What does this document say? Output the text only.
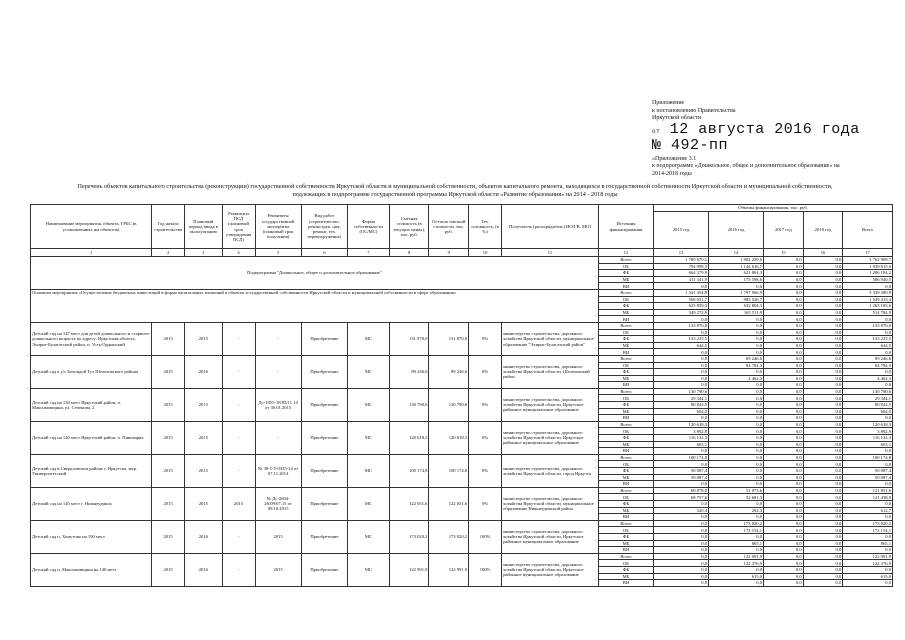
Приложение
к постановлению Правительства
Иркутской области
от 12 августа 2016 года
№ 492-пп
«Приложение 3.1
к подпрограмме «Дошкольное, общее и дополнительное образование» на
2014-2018 годы
Перечень объектов капитального строительства (реконструкции) государственной собственности Иркутской области и муниципальной собственности, объектов капитального ремонта, находящихся в государственной собственности Иркутской области и муниципальной собственности,
подлежащих в подпрограмме государственной программы Иркутской области «Развитие образования» на 2014 - 2018 годы
Наименование мероприятия, объекта, ГРБС (в установленных им объектов)	Год начала строительства	Плановый период ввода в эксплуатацию	Реквизиты ПСД (плановый срок утверждения ПСД)	Реквизиты государственной экспертизы (плановый срок получения)	Вид работ (строительство, реконструк. ция, ремонт, тех. перевооружение)	Форма собственности (ОС/МС)	Сметная стоимость (в текущих ценах), тыс. руб.	Остаток сметной стоимости, тыс. руб.	Тех. готовность, (в %)	Получатель (распорядитель) НО/ГВ, МО)	Источник финансирования	Объемы финансирования, тыс. руб.				
												2015 год	2016 год	2017 год	2018 год	Всего
1	2	3	4	5	6	7	8	9	10	11	12	13	14	15	16	17
Подпрограмма "Дошкольное, общее и дополнительное образование"											Всего	1 780 670,1	1 982 239,6	0,0	0,0	3 762 909,7
											ОБ	794 998,3	1 144 616,7	0,0	0,0	1 939 615,0
											ФБ	664 379,9	621 804,3	0,0	0,0	1 286 184,2
											МБ	411 341,9	175 598,6	0,0	0,0	586 940,5
											ВИ	0,0	0,0	0,0	0,0	0,0
Основное мероприятие «Осуществление бюджетных инвестиций в форме капитальных вложений в объекты государственной собственности Иркутской области и муниципальной собственности в сфере образования»											Всего	1 541 454,8	1 797 966,9	0,0	0,0	3 339 380,9
											ОБ	568 051,7	985 526,7	0,0	0,0	1 549 413,4
											ФБ	625 859,3	632 804,3	0,0	0,0	1 263 183,6
											МБ	349 272,9	165 511,9	0,0	0,0	514 784,9
											ВИ	0,0	0,0	0,0	0,0	0,0
Детский сад на 147 мест для детей дошкольного и старшего дошкольного возраста по адресу: Иркутская область, Эхирит-Булагатский район, п. Усть-Ордынский	2013	2015	-	-	Приобретение	МС	131 870,0	131 870,0	0%	министерство строительства, дорожного хозяйства Иркутской области, муниципальное образование "Эхирит-Булагатский район"	Всего	133 870,0	0,0	0,0	0,0	133 870,0
											ОБ	0,0	0,0	0,0	0,0	0,0
											ФБ	133 225,5	0,0	0,0	0,0	133 225,5
											МБ	644,5	0,0	0,0	0,0	644,5
											ВИ	0,0	0,0	0,0	0,0	0,0
Детский сад в у/с Бохондой Тут Шелеховского района	2015	2016	-	-	Приобретение	МС	89 246,6	89 246,6	0%	министерство строительства, дорожного хозяйства Иркутской области, Шелеховский район	Всего	0,0	89 246,6	0,0	0,0	89 246,6
											ОБ	0,0	84 784,3	0,0	0,0	84 784,3
											ФБ	0,0	0,0	0,0	0,0	0,0
											МБ	0,0	4 462,3	0,0	0,0	4 462,3
											ВИ	0,0	0,0	0,0	0,0	0,0
Детский сад на 130 мест Иркутский район, п. Максимовщина, ул. Сеченова, 2	2015	2015	-	Дс-1855-18/05/11.14 от 30.01.2015	Приобретение	МС	130 790,6	130 790,6	0%	министерство строительства, дорожного хозяйства Иркутской области, Иркутское районное муниципальное образование	Всего	130 790,6	0,0	0,0	0,0	130 790,6
											ОБ	29 344,1	0,0	0,0	0,0	29 344,1
											ФБ	80 842,5	0,0	0,0	0,0	80 842,5
											МБ	604,0	0,0	0,0	0,0	604,0
											ВИ	0,0	0,0	0,0	0,0	0,0
Детский сад на 140 мест Иркутский район, п. Пивоварих	2015	2015	-	-	Приобретение	МС	120 618,3	120 618,3	0%	министерство строительства, дорожного хозяйства Иркутской области, Иркутское районное муниципальное образование	Всего	120 618,3	0,0	0,0	0,0	120 618,3
											ОБ	3 892,9	0,0	0,0	0,0	3 892,9
											ФБ	116 122,3	0,0	0,0	0,0	116 122,3
											МБ	603,1	0,0	0,0	0,0	603,1
											ВИ	0,0	0,0	0,0	0,0	0,0
Детский сад в Свердловском районе г. Иркутска, мкр. Университетский	2015	2015	-	№ 38-1-5-0335-14 от 07.11.2014	Приобретение	МС	100 174,8	100 174,8	0%	министерство строительства, дорожного хозяйства Иркутской области, город Иркутск	Всего	100 174,8	0,0	0,0	0,0	100 174,8
											ОБ	0,0	0,0	0,0	0,0	0,0
											ФБ	50 087,4	0,0	0,0	0,0	50 087,4
											МБ	50 087,4	0,0	0,0	0,0	50 087,4
											ВИ	0,0	0,0	0,0	0,0	0,0
Детский сад на 140 мест г. Нижнеудинск	2015	2015	2015	№ Дс-2604-26/09/07.15 от 09.10.2015	Приобретение	МС	122 051,6	122 051,6	0%	министерство строительства, дорожного хозяйства Иркутской области, муниципальное образование Нижнеудинский район	Всего	69 878,0	51 973,6	0,0	0,0	121 851,6
											ОБ	68 757,6	52 681,3	0,0	0,0	121 438,9
											ФБ	0,0	0,0	0,0	0,0	0,0
											МБ	320,4	292,3	0,0	0,0	612,7
											ВИ	0,0	0,0	0,0	0,0	0,0
Детский сад п. Хомутово на 190 мест	2015	2016	-	2015	Приобретение	МС	173 020,2	173 020,2	100%	министерство строительства, дорожного хозяйства Иркутской области, Иркутское районное муниципальное образование	Всего	0,0	173 020,2	0,0	0,0	173 020,2
											ОБ	0,0	172 154,1	0,0	0,0	172 154,1
											ФБ	0,0	0,0	0,0	0,0	0,0
											МБ	0,0	865,1	0,0	0,0	865,1
											ВИ	0,0	0,0	0,0	0,0	0,0
Детский сад п. Максимовщина на 140 мест	2015	2016	-	2015	Приобретение	МС	122 991,9	122 991,9	100%	министерство строительства, дорожного хозяйства Иркутской области, Иркутское районное муниципальное образование	Всего	0,0	122 991,9	0,0	0,0	122 991,9
											ОБ	0,0	122 376,9	0,0	0,0	122 376,9
											ФБ	0,0	0,0	0,0	0,0	0,0
											МБ	0,0	615,0	0,0	0,0	615,0
											ВИ	0,0	0,0	0,0	0,0	0,0
